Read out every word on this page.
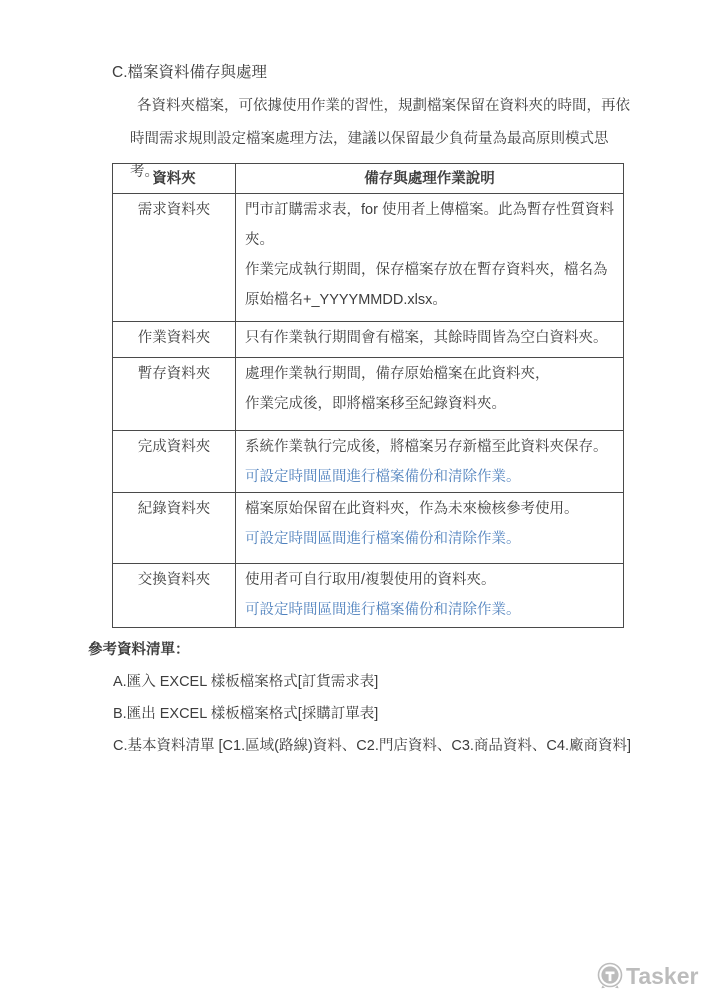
C.檔案資料備存與處理
各資料夾檔案，可依據使用作業的習性，規劃檔案保留在資料夾的時間，再依時間需求規則設定檔案處理方法，建議以保留最少負荷量為最高原則模式思考。
資料夾	備存與處理作業說明
需求資料夾	門市訂購需求表，for 使用者上傳檔案。此為暫存性質資料夾。

作業完成執行期間，保存檔案存放在暫存資料夾，檔名為原始檔名+_YYYYMMDD.xlsx。

作業資料夾	只有作業執行期間會有檔案，其餘時間皆為空白資料夾。

暫存資料夾	處理作業執行期間，備存原始檔案在此資料夾，

作業完成後，即將檔案移至紀錄資料夾。

完成資料夾	系統作業執行完成後，將檔案另存新檔至此資料夾保存。

可設定時間區間進行檔案備份和清除作業。

紀錄資料夾	檔案原始保留在此資料夾，作為未來檢核參考使用。

可設定時間區間進行檔案備份和清除作業。

交換資料夾	使用者可自行取用/複製使用的資料夾。

可設定時間區間進行檔案備份和清除作業。

參考資料清單：
A.匯入 EXCEL 樣板檔案格式[訂貨需求表]
B.匯出 EXCEL 樣板檔案格式[採購訂單表]
C.基本資料清單 [C1.區域(路線)資料、C2.門店資料、C3.商品資料、C4.廠商資料]
Tasker
